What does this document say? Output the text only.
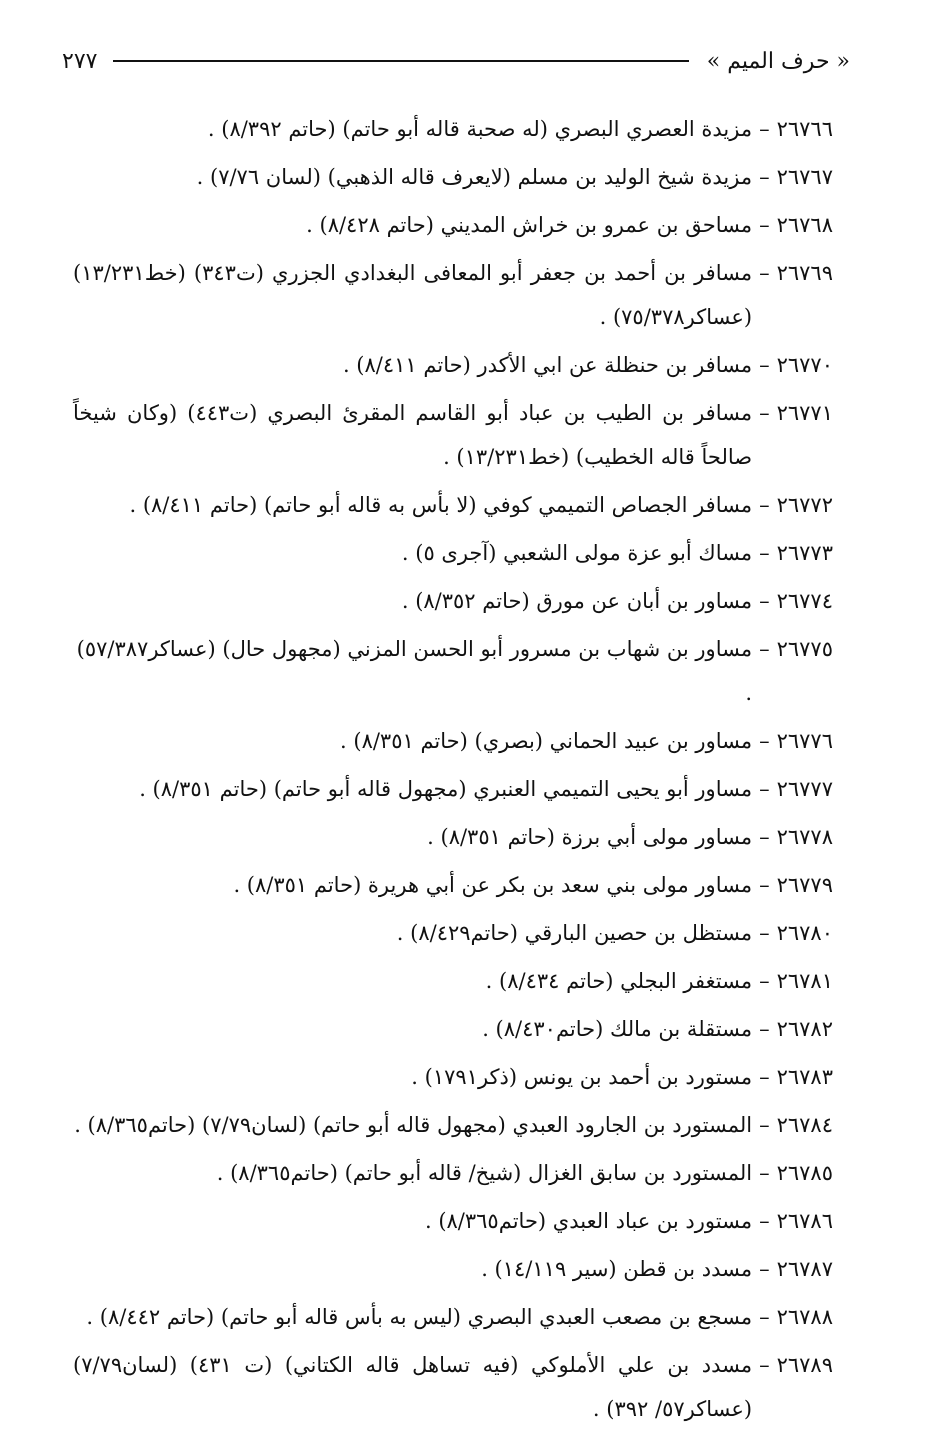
« حرف الميم »
٢٧٧
٢٦٧٦٦
–
مزيدة العصري البصري (له صحبة قاله أبو حاتم) (حاتم ٨/٣٩٢) .
٢٦٧٦٧
–
مزيدة شيخ الوليد بن مسلم (لايعرف قاله الذهبي) (لسان ٧/٧٦) .
٢٦٧٦٨
–
مساحق بن عمرو بن خراش المديني (حاتم ٨/٤٢٨) .
٢٦٧٦٩
–
مسافر بن أحمد بن جعفر أبو المعافى البغدادي الجزري (ت٣٤٣) (خط١٣/٢٣١) (عساكر٧٥/٣٧٨) .
٢٦٧٧٠
–
مسافر بن حنظلة عن ابي الأكدر (حاتم ٨/٤١١) .
٢٦٧٧١
–
مسافر بن الطيب بن عباد أبو القاسم المقرئ البصري (ت٤٤٣) (وكان شيخاً صالحاً قاله الخطيب) (خط١٣/٢٣١) .
٢٦٧٧٢
–
مسافر الجصاص التميمي كوفي (لا بأس به قاله أبو حاتم) (حاتم ٨/٤١١) .
٢٦٧٧٣
–
مساك أبو عزة مولى الشعبي (آجرى ٥) .
٢٦٧٧٤
–
مساور بن أبان عن مورق (حاتم ٨/٣٥٢) .
٢٦٧٧٥
–
مساور بن شهاب بن مسرور أبو الحسن المزني (مجهول حال) (عساكر٥٧/٣٨٧) .
٢٦٧٧٦
–
مساور بن عبيد الحماني (بصري) (حاتم ٨/٣٥١) .
٢٦٧٧٧
–
مساور أبو يحيى التميمي العنبري (مجهول قاله أبو حاتم) (حاتم ٨/٣٥١) .
٢٦٧٧٨
–
مساور مولى أبي برزة (حاتم ٨/٣٥١) .
٢٦٧٧٩
–
مساور مولى بني سعد بن بكر عن أبي هريرة (حاتم ٨/٣٥١) .
٢٦٧٨٠
–
مستظل بن حصين البارقي (حاتم٨/٤٢٩) .
٢٦٧٨١
–
مستغفر البجلي (حاتم ٨/٤٣٤) .
٢٦٧٨٢
–
مستقلة بن مالك (حاتم٨/٤٣٠) .
٢٦٧٨٣
–
مستورد بن أحمد بن يونس (ذكر١٧٩١) .
٢٦٧٨٤
–
المستورد بن الجارود العبدي (مجهول قاله أبو حاتم) (لسان٧/٧٩) (حاتم٨/٣٦٥) .
٢٦٧٨٥
–
المستورد بن سابق الغزال (شيخ/ قاله أبو حاتم) (حاتم٨/٣٦٥) .
٢٦٧٨٦
–
مستورد بن عباد العبدي (حاتم٨/٣٦٥) .
٢٦٧٨٧
–
مسدد بن قطن (سير ١٤/١١٩) .
٢٦٧٨٨
–
مسجع بن مصعب العبدي البصري (ليس به بأس قاله أبو حاتم) (حاتم ٨/٤٤٢) .
٢٦٧٨٩
–
مسدد بن علي الأملوكي (فيه تساهل قاله الكتاني) (ت ٤٣١) (لسان٧/٧٩) (عساكر٥٧/ ٣٩٢) .
